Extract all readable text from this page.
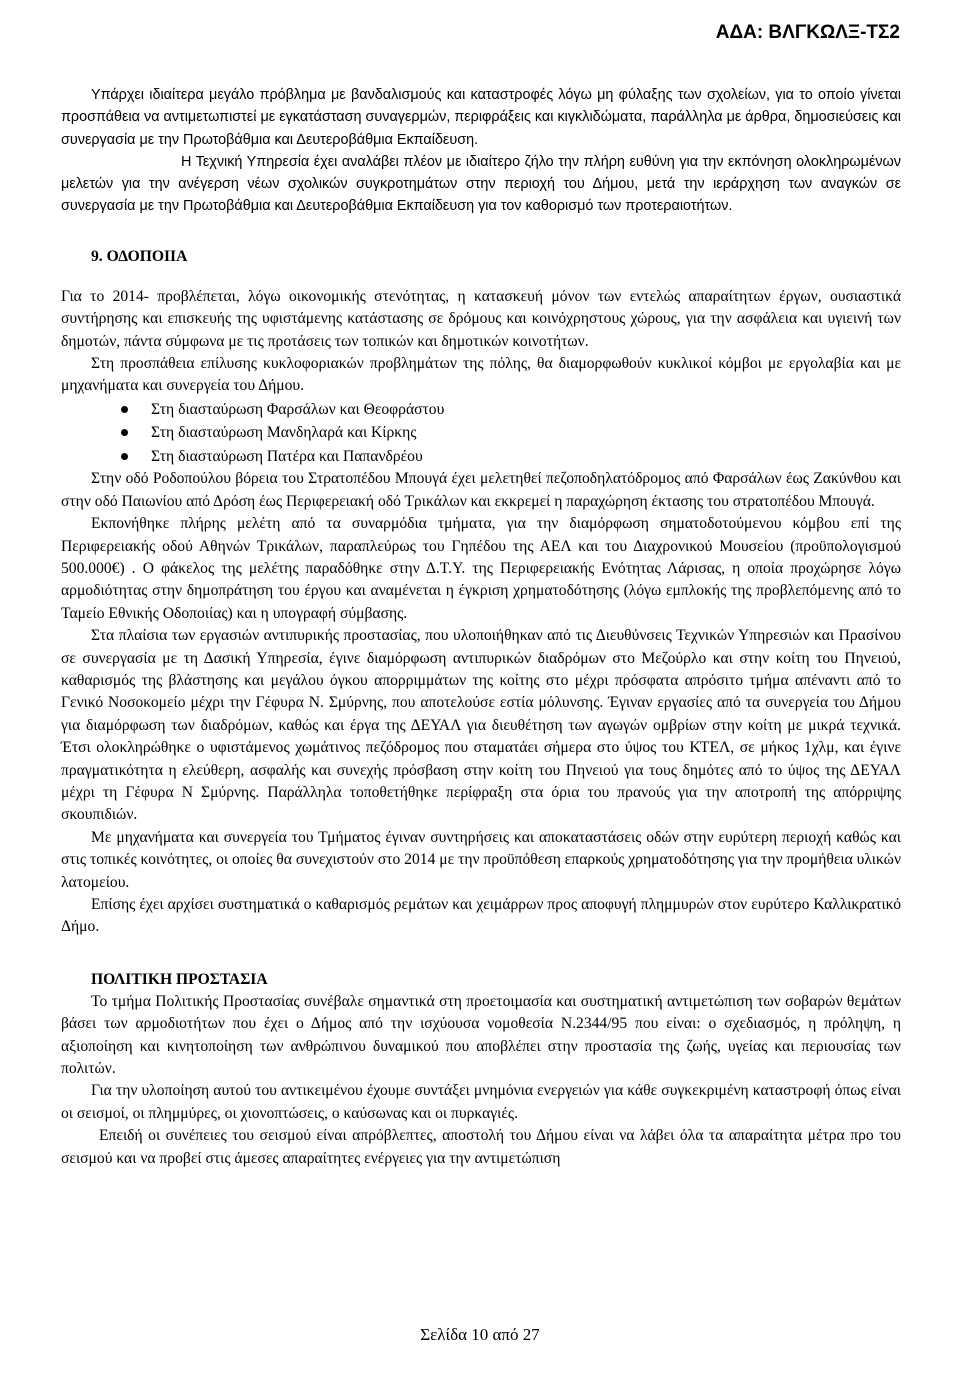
ΑΔΑ: ΒΛΓΚΩΛΞ-ΤΣ2

Υπάρχει ιδιαίτερα μεγάλο πρόβλημα με βανδαλισμούς και καταστροφές λόγω μη φύλαξης των σχολείων, για το οποίο γίνεται προσπάθεια να αντιμετωπιστεί με εγκατάσταση συναγερμών, περιφράξεις και κιγκλιδώματα, παράλληλα με άρθρα, δημοσιεύσεις και συνεργασία με την Πρωτοβάθμια και Δευτεροβάθμια Εκπαίδευση.

Η Τεχνική Υπηρεσία έχει αναλάβει πλέον με ιδιαίτερο ζήλο την πλήρη ευθύνη για την εκπόνηση ολοκληρωμένων μελετών για την ανέγερση νέων σχολικών συγκροτημάτων στην περιοχή του Δήμου, μετά την ιεράρχηση των αναγκών σε συνεργασία με την Πρωτοβάθμια και Δευτεροβάθμια Εκπαίδευση για τον καθορισμό των προτεραιοτήτων.

9. ΟΔΟΠΟΙΙΑ

Για το 2014- προβλέπεται, λόγω οικονομικής στενότητας, η κατασκευή μόνον των εντελώς απαραίτητων έργων, ουσιαστικά συντήρησης και επισκευής της υφιστάμενης κατάστασης σε δρόμους και κοινόχρηστους χώρους, για την ασφάλεια και υγιεινή των δημοτών, πάντα σύμφωνα με τις προτάσεις των τοπικών και δημοτικών κοινοτήτων.

Στη προσπάθεια επίλυσης κυκλοφοριακών προβλημάτων της πόλης, θα διαμορφωθούν κυκλικοί κόμβοι με εργολαβία και με μηχανήματα και συνεργεία του Δήμου.

Στη διασταύρωση Φαρσάλων και Θεοφράστου
Στη διασταύρωση Μανδηλαρά και Κίρκης
Στη διασταύρωση Πατέρα και Παπανδρέου

Στην οδό Ροδοπούλου βόρεια του Στρατοπέδου Μπουγά έχει μελετηθεί πεζοποδηλατόδρομος από Φαρσάλων έως Ζακύνθου και στην οδό Παιωνίου από Δρόση έως Περιφερειακή οδό Τρικάλων και εκκρεμεί η παραχώρηση έκτασης του στρατοπέδου Μπουγά.

Εκπονήθηκε πλήρης μελέτη από τα συναρμόδια τμήματα, για την διαμόρφωση σηματοδοτούμενου κόμβου επί της Περιφερειακής οδού Αθηνών Τρικάλων, παραπλεύρως του Γηπέδου της ΑΕΛ και του Διαχρονικού Μουσείου (προϋπολογισμού 500.000€) . Ο φάκελος της μελέτης παραδόθηκε στην Δ.Τ.Υ. της Περιφερειακής Ενότητας Λάρισας, η οποία προχώρησε λόγω αρμοδιότητας στην δημοπράτηση του έργου και αναμένεται η έγκριση χρηματοδότησης (λόγω εμπλοκής της προβλεπόμενης από το Ταμείο Εθνικής Οδοποιίας) και η υπογραφή σύμβασης.

Στα πλαίσια των εργασιών αντιπυρικής προστασίας, που υλοποιήθηκαν από τις Διευθύνσεις Τεχνικών Υπηρεσιών και Πρασίνου σε συνεργασία με τη Δασική Υπηρεσία, έγινε διαμόρφωση αντιπυρικών διαδρόμων στο Μεζούρλο και στην κοίτη του Πηνειού, καθαρισμός της βλάστησης και μεγάλου όγκου απορριμμάτων της κοίτης στο μέχρι πρόσφατα απρόσιτο τμήμα απέναντι από το Γενικό Νοσοκομείο μέχρι την Γέφυρα Ν. Σμύρνης, που αποτελούσε εστία μόλυνσης. Έγιναν εργασίες από τα συνεργεία του Δήμου για διαμόρφωση των διαδρόμων, καθώς και έργα της ΔΕΥΑΛ για διευθέτηση των αγωγών ομβρίων στην κοίτη με μικρά τεχνικά. Έτσι ολοκληρώθηκε ο υφιστάμενος χωμάτινος πεζόδρομος που σταματάει σήμερα στο ύψος του ΚΤΕΛ, σε μήκος 1χλμ, και έγινε πραγματικότητα η ελεύθερη, ασφαλής και συνεχής πρόσβαση στην κοίτη του Πηνειού για τους δημότες από το ύψος της ΔΕΥΑΛ μέχρι τη Γέφυρα Ν Σμύρνης. Παράλληλα τοποθετήθηκε περίφραξη στα όρια του πρανούς για την αποτροπή της απόρριψης σκουπιδιών.

Με μηχανήματα και συνεργεία του Τμήματος έγιναν συντηρήσεις και αποκαταστάσεις οδών στην ευρύτερη περιοχή καθώς και στις τοπικές κοινότητες, οι οποίες θα συνεχιστούν στο 2014 με την προϋπόθεση επαρκούς χρηματοδότησης για την προμήθεια υλικών λατομείου.

Επίσης έχει αρχίσει συστηματικά ο καθαρισμός ρεμάτων και χειμάρρων προς αποφυγή πλημμυρών στον ευρύτερο Καλλικρατικό Δήμο.

ΠΟΛΙΤΙΚΗ ΠΡΟΣΤΑΣΙΑ

Το τμήμα Πολιτικής Προστασίας συνέβαλε σημαντικά στη προετοιμασία και συστηματική αντιμετώπιση των σοβαρών θεμάτων βάσει των αρμοδιοτήτων που έχει ο Δήμος από την ισχύουσα νομοθεσία Ν.2344/95 που είναι: ο σχεδιασμός, η πρόληψη, η αξιοποίηση και κινητοποίηση των ανθρώπινου δυναμικού που αποβλέπει στην προστασία της ζωής, υγείας και περιουσίας των πολιτών.

Για την υλοποίηση αυτού του αντικειμένου έχουμε συντάξει μνημόνια ενεργειών για κάθε συγκεκριμένη καταστροφή όπως είναι οι σεισμοί, οι πλημμύρες, οι χιονοπτώσεις, ο καύσωνας και οι πυρκαγιές.

Επειδή οι συνέπειες του σεισμού είναι απρόβλεπτες, αποστολή του Δήμου είναι να λάβει όλα τα απαραίτητα μέτρα προ του σεισμού και να προβεί στις άμεσες απαραίτητες ενέργειες για την αντιμετώπιση

Σελίδα 10 από 27
